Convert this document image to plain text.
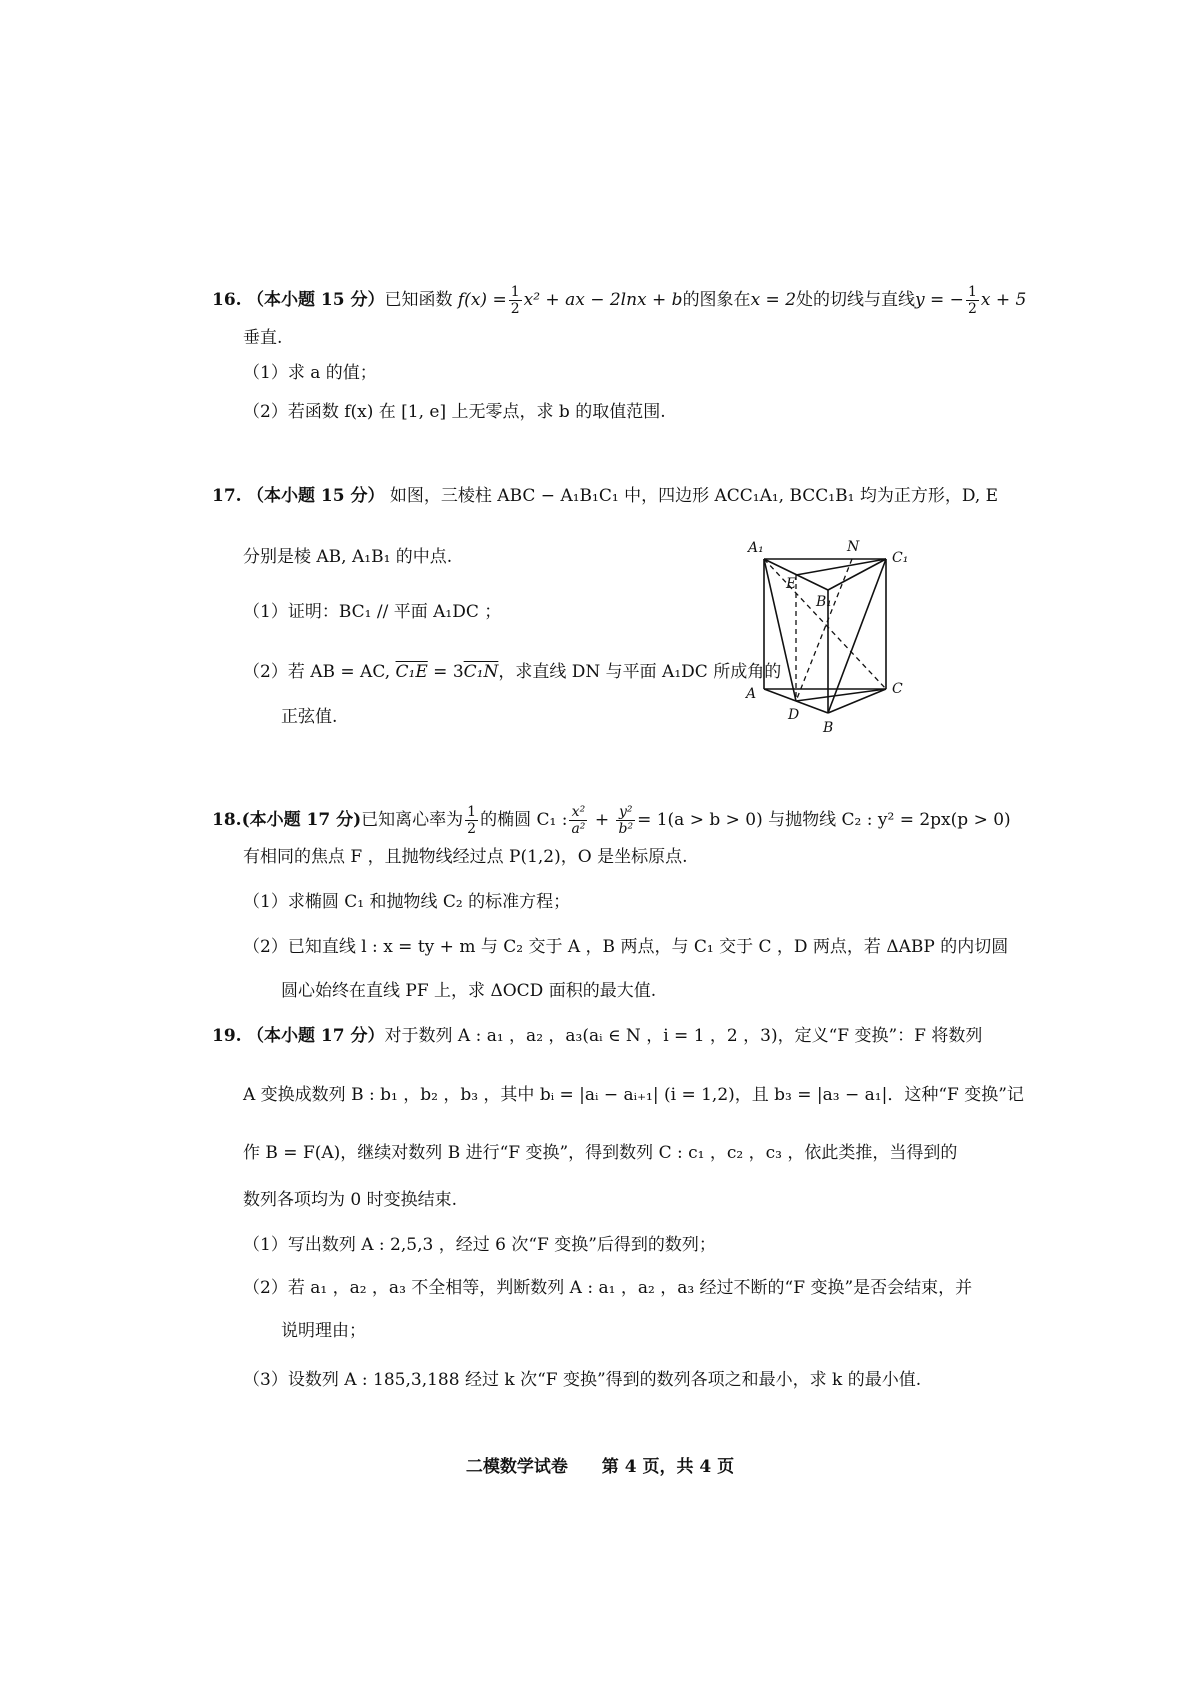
16. （本小题 15 分）已知函数 $f(x) = \frac{1}{2} x^2$ + ax − 2lnx + b的图象在x = 2处的切线与直线y = − $\frac{1}{2}$ x + 5
垂直.
（1）求 a 的值；
（2）若函数 f(x) 在 [1, e] 上无零点，求 b 的取值范围.
17. （本小题 15 分） 如图，三棱柱 ABC − A₁B₁C₁ 中，四边形 ACC₁A₁, BCC₁B₁ 均为正方形，D, E
分别是棱 AB, A₁B₁ 的中点.
（1）证明：BC₁ // 平面 A₁DC ；
（2）若 AB = AC, C₁E = 3C₁N，求直线 DN 与平面 A₁DC 所成角的
正弦值.
A₁	N
C₁
E
B₁
A
D
B
C
18.(本小题 17 分)已知离心率为 $\frac{1}{2}$ 的椭圆 C₁ : $\frac{\text{x²}}{\text{a²}} + \frac{\text{y²}}{\text{b²}} = 1(a > b > 0)$ 与抛物线 C₂ : y² = 2px(p > 0)
有相同的焦点 F ，且抛物线经过点 P(1,2)，O 是坐标原点.
（1）求椭圆 C₁ 和抛物线 C₂ 的标准方程；
（2）已知直线 l : x = ty + m 与 C₂ 交于 A ，B 两点，与 C₁ 交于 C ，D 两点，若 ΔABP 的内切圆
圆心始终在直线 PF 上，求 ΔOCD 面积的最大值.
19. （本小题 17 分）对于数列 A : a₁ ，a₂ ，a₃(aᵢ ∈ N ，i = 1 ，2 ，3)，定义“F 变换”：F 将数列
A 变换成数列 B : b₁ ，b₂ ，b₃ ，其中 bᵢ = |aᵢ − aᵢ₊₁| (i = 1,2)，且 b₃ = |a₃ − a₁|．这种“F 变换”记
作 B = F(A)，继续对数列 B 进行“F 变换”，得到数列 C : c₁ ，c₂ ，c₃ ，依此类推，当得到的
数列各项均为 0 时变换结束.
（1）写出数列 A : 2,5,3 ，经过 6 次“F 变换”后得到的数列；
（2）若 a₁ ，a₂ ，a₃ 不全相等，判断数列 A : a₁ ，a₂ ，a₃ 经过不断的“F 变换”是否会结束，并
说明理由；
（3）设数列 A : 185,3,188 经过 k 次“F 变换”得到的数列各项之和最小，求 k 的最小值.
二模数学试卷 第 4 页，共 4 页
